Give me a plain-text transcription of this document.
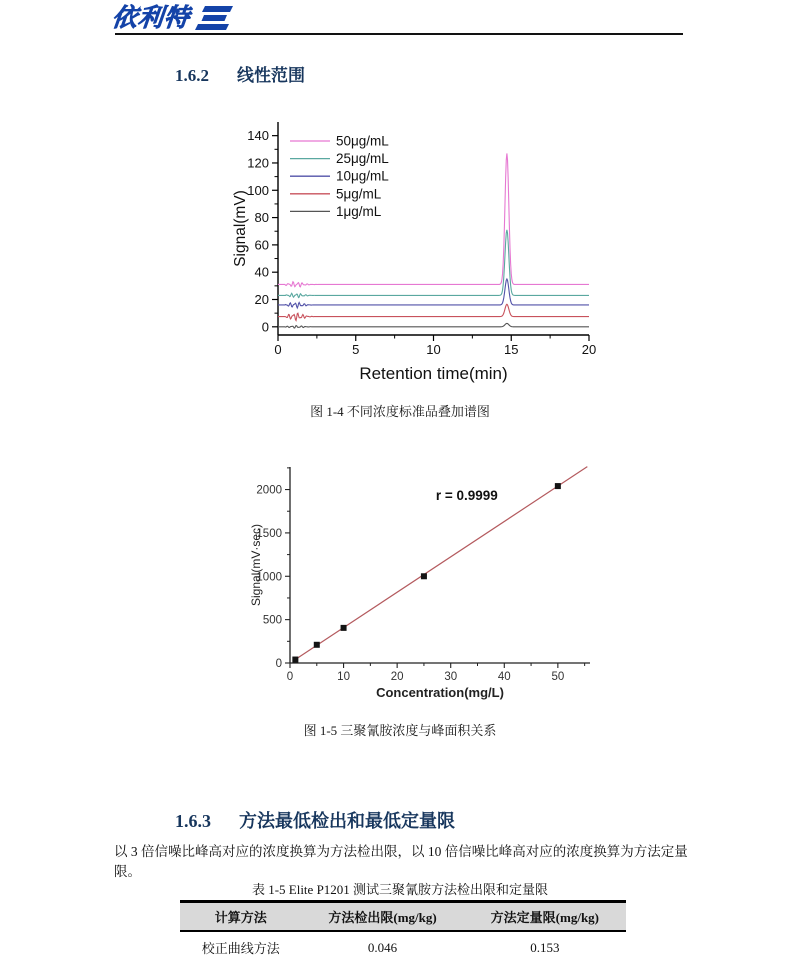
依利特
1.6.2 线性范围
0
20
40
60
80
100
120
140
0	5	10	15	20
Retention time(min)
Signal(mV)
50μg/mL
25μg/mL
10μg/mL
5μg/mL
1μg/mL
图 1-4 不同浓度标准品叠加谱图
0
500
1000
1500
2000
0	10	20	30	40	50
Concentration(mg/L)
Signal(mV·sec)
r = 0.9999
图 1-5 三聚氰胺浓度与峰面积关系
1.6.3 方法最低检出和最低定量限

以 3 倍信噪比峰高对应的浓度换算为方法检出限，以 10 倍信噪比峰高对应的浓度换算为方法定量限。

表 1-5 Elite P1201 测试三聚氰胺方法检出限和定量限
计算方法	方法检出限(mg/kg)	方法定量限(mg/kg)
校正曲线方法	0.046	0.153
